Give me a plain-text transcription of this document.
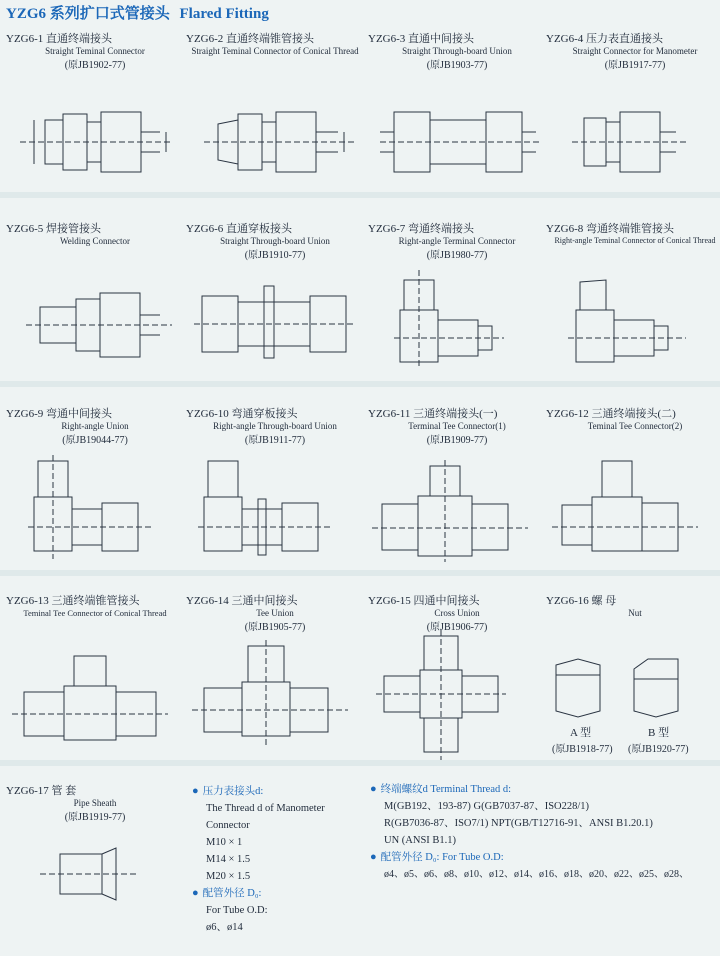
YZG6 系列扩口式管接头 Flared Fitting
YZG6-1 直通终端接头
Straight Teminal Connector
(原JB1902-77)
YZG6-2 直通终端锥管接头
Straight Teminal Connector of Conical Thread
YZG6-3 直通中间接头
Straight Through-board Union
(原JB1903-77)
YZG6-4 压力表直通接头
Straight Connector for Manometer
(原JB1917-77)
YZG6-5 焊接管接头
Welding Connector
YZG6-6 直通穿板接头
Straight Through-board Union
(原JB1910-77)
YZG6-7 弯通终端接头
Right-angle Terminal Connector
(原JB1980-77)
YZG6-8 弯通终端锥管接头
Right-angle Teminal Connector of Conical Thread
YZG6-9 弯通中间接头
Right-angle Union
(原JB19044-77)
YZG6-10 弯通穿板接头
Right-angle Through-board Union
(原JB1911-77)
YZG6-11 三通终端接头(一)
Terminal Tee Connector(1)
(原JB1909-77)
YZG6-12 三通终端接头(二)
Teminal Tee Connector(2)
YZG6-13 三通终端锥管接头
Teminal Tee Connector of Conical Thread
YZG6-14 三通中间接头
Tee Union
(原JB1905-77)
YZG6-15 四通中间接头
Cross Union
(原JB1906-77)
YZG6-16 螺 母
Nut
A 型
(原JB1918-77)
B 型
(原JB1920-77)
YZG6-17 管 套
Pipe Sheath
(原JB1919-77)
● 压力表接头d:
The Thread d of Manometer
Connector
M10 × 1
M14 × 1.5
M20 × 1.5
● 配管外径 D₀:
For Tube O.D:
ø6、ø14
● 终端螺纹d Terminal Thread d:
M(GB192、193-87) G(GB7037-87、ISO228/1)
R(GB7036-87、ISO7/1) NPT(GB/T12716-91、ANSI B1.20.1)
UN (ANSI B1.1)
● 配管外径 D₀: For Tube O.D:
ø4、ø5、ø6、ø8、ø10、ø12、ø14、ø16、ø18、ø20、ø22、ø25、ø28、
